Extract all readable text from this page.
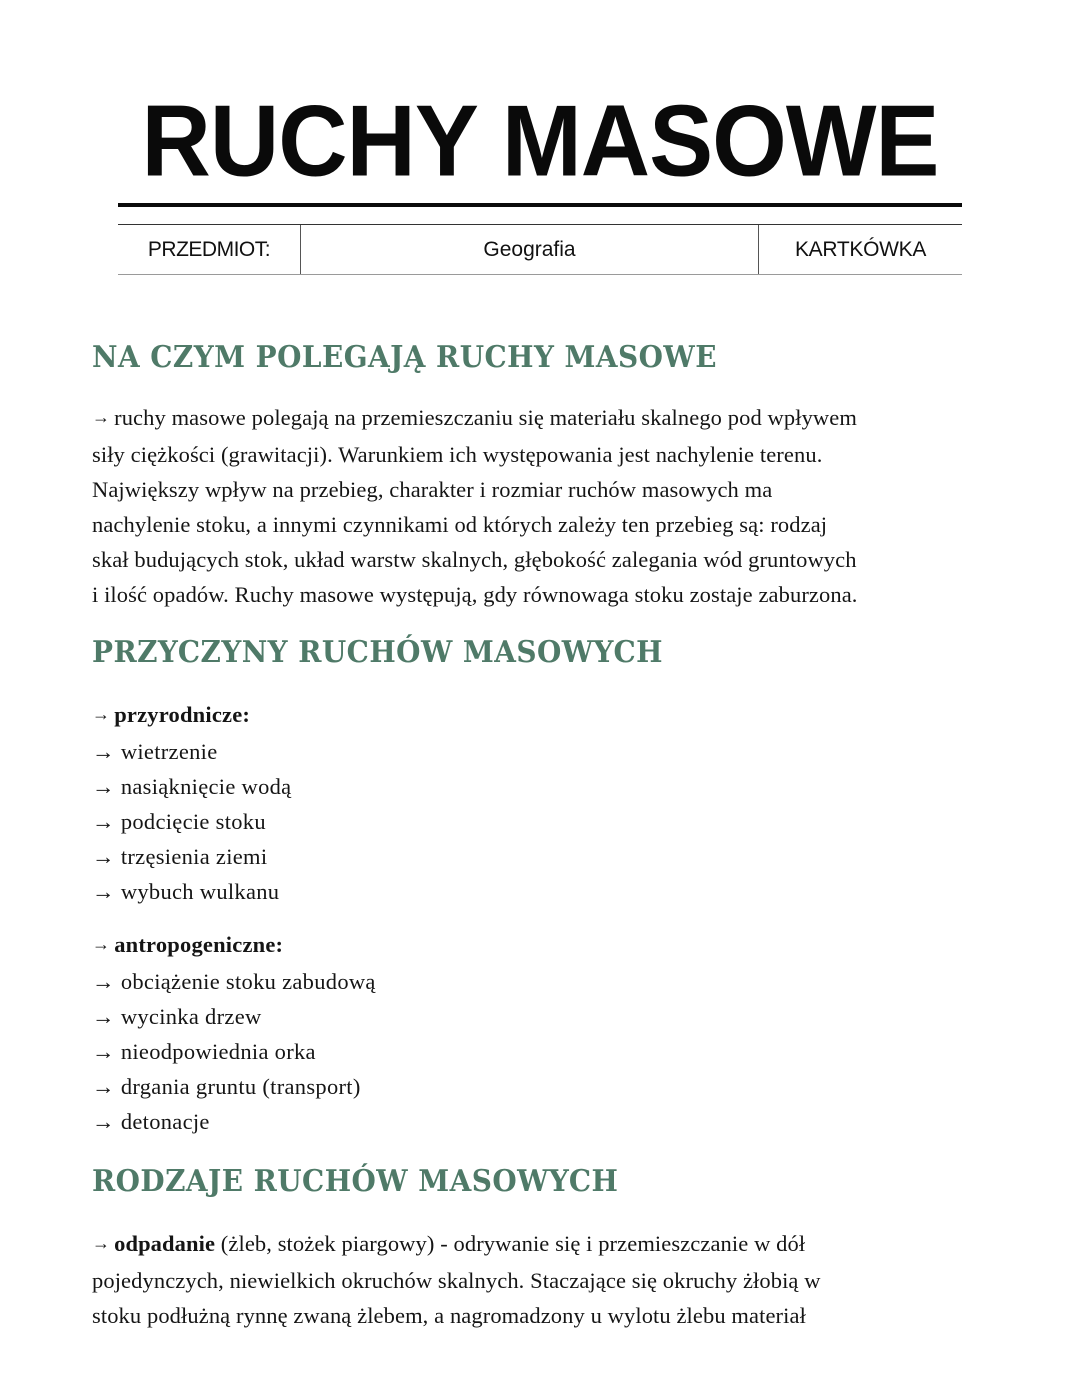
RUCHY MASOWE
PRZEDMIOT:	Geografia	KARTKÓWKA
NA CZYM POLEGAJĄ RUCHY MASOWE
→ ruchy masowe polegają na przemieszczaniu się materiału skalnego pod wpływem
siły ciężkości (grawitacji). Warunkiem ich występowania jest nachylenie terenu.
Największy wpływ na przebieg, charakter i rozmiar ruchów masowych ma
nachylenie stoku, a innymi czynnikami od których zależy ten przebieg są: rodzaj
skał budujących stok, układ warstw skalnych, głębokość zalegania wód gruntowych
i ilość opadów. Ruchy masowe występują, gdy równowaga stoku zostaje zaburzona.
PRZYCZYNY RUCHÓW MASOWYCH
→ przyrodnicze:
→ wietrzenie
→ nasiąknięcie wodą
→ podcięcie stoku
→ trzęsienia ziemi
→ wybuch wulkanu
→ antropogeniczne:
→ obciążenie stoku zabudową
→ wycinka drzew
→ nieodpowiednia orka
→ drgania gruntu (transport)
→ detonacje
RODZAJE RUCHÓW MASOWYCH
→ odpadanie (żleb, stożek piargowy) - odrywanie się i przemieszczanie w dół
pojedynczych, niewielkich okruchów skalnych. Staczające się okruchy żłobią w
stoku podłużną rynnę zwaną żlebem, a nagromadzony u wylotu żlebu materiał
